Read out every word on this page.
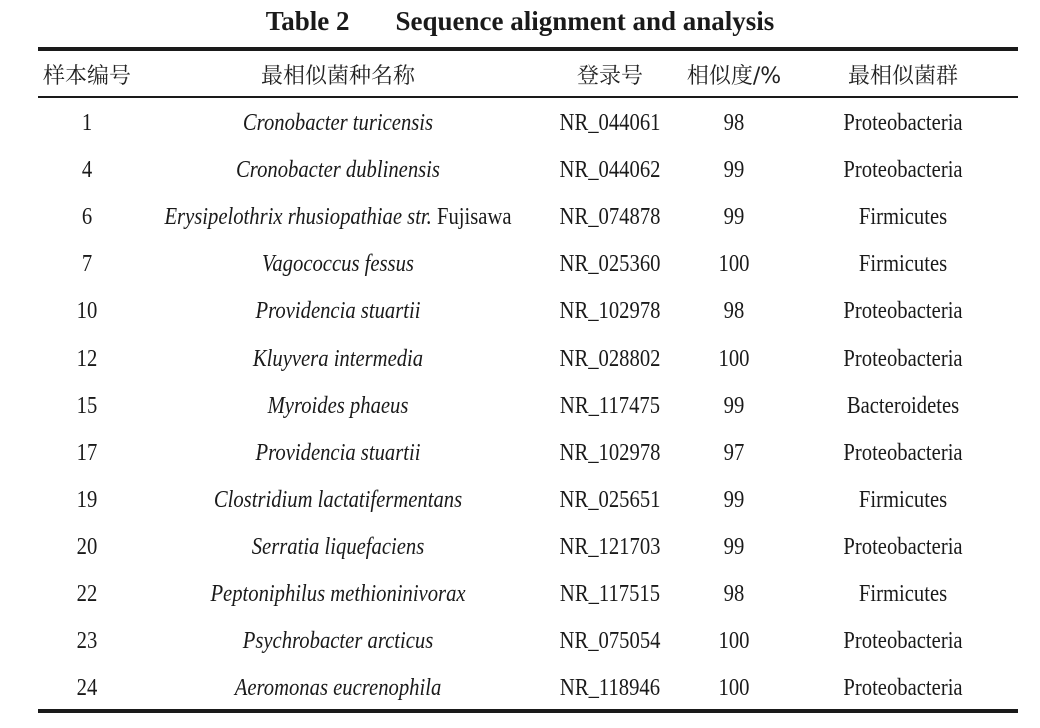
Table 2 Sequence alignment and analysis
样本编号	最相似菌种名称	登录号	相似度/%	最相似菌群
1	Cronobacter turicensis	NR_044061	98	Proteobacteria
4	Cronobacter dublinensis	NR_044062	99	Proteobacteria
6	Erysipelothrix rhusiopathiae str. Fujisawa	NR_074878	99	Firmicutes
7	Vagococcus fessus	NR_025360	100	Firmicutes
10	Providencia stuartii	NR_102978	98	Proteobacteria
12	Kluyvera intermedia	NR_028802	100	Proteobacteria
15	Myroides phaeus	NR_117475	99	Bacteroidetes
17	Providencia stuartii	NR_102978	97	Proteobacteria
19	Clostridium lactatifermentans	NR_025651	99	Firmicutes
20	Serratia liquefaciens	NR_121703	99	Proteobacteria
22	Peptoniphilus methioninivorax	NR_117515	98	Firmicutes
23	Psychrobacter arcticus	NR_075054	100	Proteobacteria
24	Aeromonas eucrenophila	NR_118946	100	Proteobacteria
